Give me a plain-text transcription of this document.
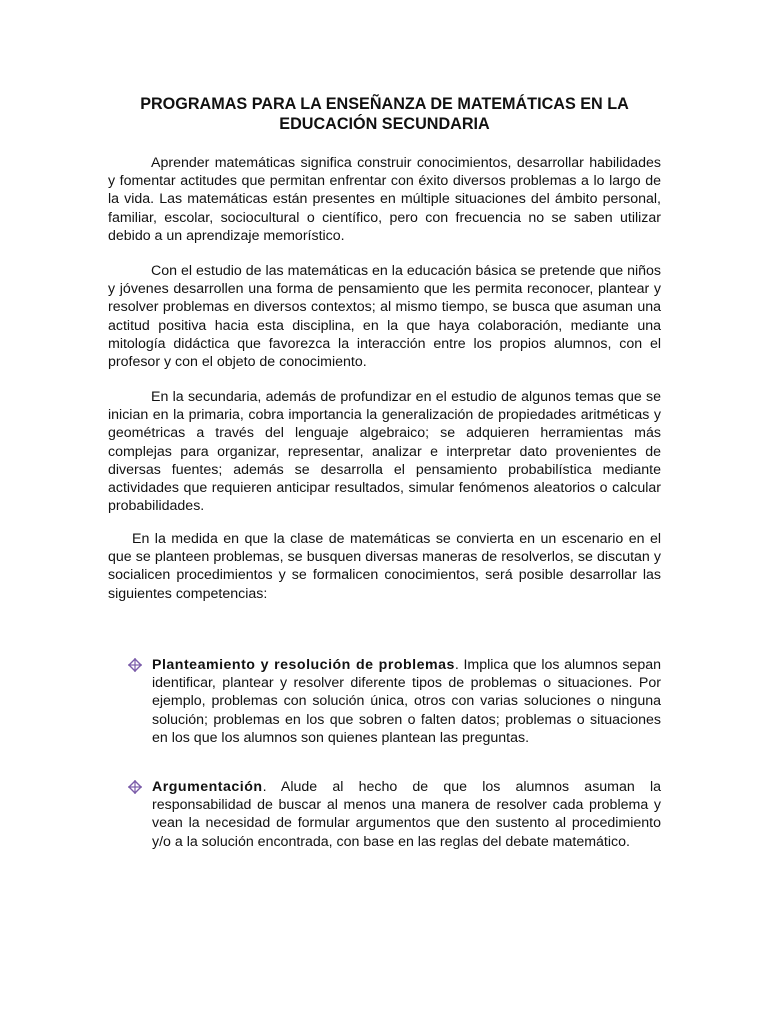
PROGRAMAS PARA LA ENSEÑANZA DE MATEMÁTICAS EN LA
EDUCACIÓN SECUNDARIA

Aprender matemáticas significa construir conocimientos, desarrollar habilidades y fomentar actitudes que permitan enfrentar con éxito diversos problemas a lo largo de la vida. Las matemáticas están presentes en múltiple situaciones del ámbito personal, familiar, escolar, sociocultural o científico, pero con frecuencia no se saben utilizar debido a un aprendizaje memorístico.

Con el estudio de las matemáticas en la educación básica se pretende que niños y jóvenes desarrollen una forma de pensamiento que les permita reconocer, plantear y resolver problemas en diversos contextos; al mismo tiempo, se busca que asuman una actitud positiva hacia esta disciplina, en la que haya colaboración, mediante una mitología didáctica que favorezca la interacción entre los propios alumnos, con el profesor y con el objeto de conocimiento.

En la secundaria, además de profundizar en el estudio de algunos temas que se inician en la primaria, cobra importancia la generalización de propiedades aritméticas y geométricas a través del lenguaje algebraico; se adquieren herramientas más complejas para organizar, representar, analizar e interpretar dato provenientes de diversas fuentes; además se desarrolla el pensamiento probabilística mediante actividades que requieren anticipar resultados, simular fenómenos aleatorios o calcular probabilidades.

En la medida en que la clase de matemáticas se convierta en un escenario en el que se planteen problemas, se busquen diversas maneras de resolverlos, se discutan y socialicen procedimientos y se formalicen conocimientos, será posible desarrollar las siguientes competencias:

Planteamiento y resolución de problemas. Implica que los alumnos sepan identificar, plantear y resolver diferente tipos de problemas o situaciones. Por ejemplo, problemas con solución única, otros con varias soluciones o ninguna solución; problemas en los que sobren o falten datos; problemas o situaciones en los que los alumnos son quienes plantean las preguntas.

Argumentación. Alude al hecho de que los alumnos asuman la responsabilidad de buscar al menos una manera de resolver cada problema y vean la necesidad de formular argumentos que den sustento al procedimiento y/o a la solución encontrada, con base en las reglas del debate matemático.
